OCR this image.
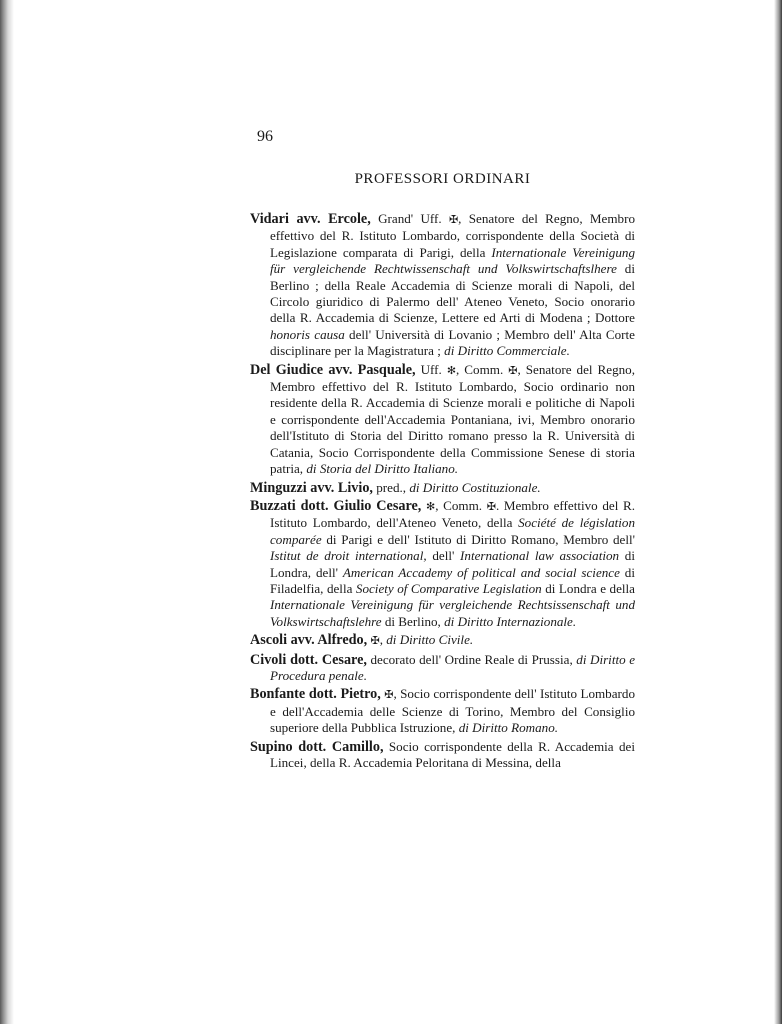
96
PROFESSORI ORDINARI

Vidari avv. Ercole, Grand' Uff. ✠, Senatore del Regno, Membro effettivo del R. Istituto Lombardo, corrispondente della Società di Legislazione comparata di Parigi, della Internationale Vereinigung für vergleichende Rechtwissenschaft und Volkswirtschaftslhere di Berlino ; della Reale Accademia di Scienze morali di Napoli, del Circolo giuridico di Palermo dell' Ateneo Veneto, Socio onorario della R. Accademia di Scienze, Lettere ed Arti di Modena ; Dottore honoris causa dell' Università di Lovanio ; Membro dell' Alta Corte disciplinare per la Magistratura ; di Diritto Commerciale.

Del Giudice avv. Pasquale, Uff. ✻, Comm. ✠, Senatore del Regno, Membro effettivo del R. Istituto Lombardo, Socio ordinario non residente della R. Accademia di Scienze morali e politiche di Napoli e corrispondente dell'Accademia Pontaniana, ivi, Membro onorario dell'Istituto di Storia del Diritto romano presso la R. Università di Catania, Socio Corrispondente della Commissione Senese di storia patria, di Storia del Diritto Italiano.

Minguzzi avv. Livio, pred., di Diritto Costituzionale.

Buzzati dott. Giulio Cesare, ✻, Comm. ✠. Membro effettivo del R. Istituto Lombardo, dell'Ateneo Veneto, della Société de législation comparée di Parigi e dell' Istituto di Diritto Romano, Membro dell' Istitut de droit international, dell' International law association di Londra, dell' American Accademy of political and social science di Filadelfia, della Society of Comparative Legislation di Londra e della Internationale Vereinigung für vergleichende Rechtsissenschaft und Volkswirtschaftslehre di Berlino, di Diritto Internazionale.

Ascoli avv. Alfredo, ✠, di Diritto Civile.

Civoli dott. Cesare, decorato dell' Ordine Reale di Prussia, di Diritto e Procedura penale.

Bonfante dott. Pietro, ✠, Socio corrispondente dell' Istituto Lombardo e dell'Accademia delle Scienze di Torino, Membro del Consiglio superiore della Pubblica Istruzione, di Diritto Romano.

Supino dott. Camillo, Socio corrispondente della R. Accademia dei Lincei, della R. Accademia Peloritana di Messina, della
